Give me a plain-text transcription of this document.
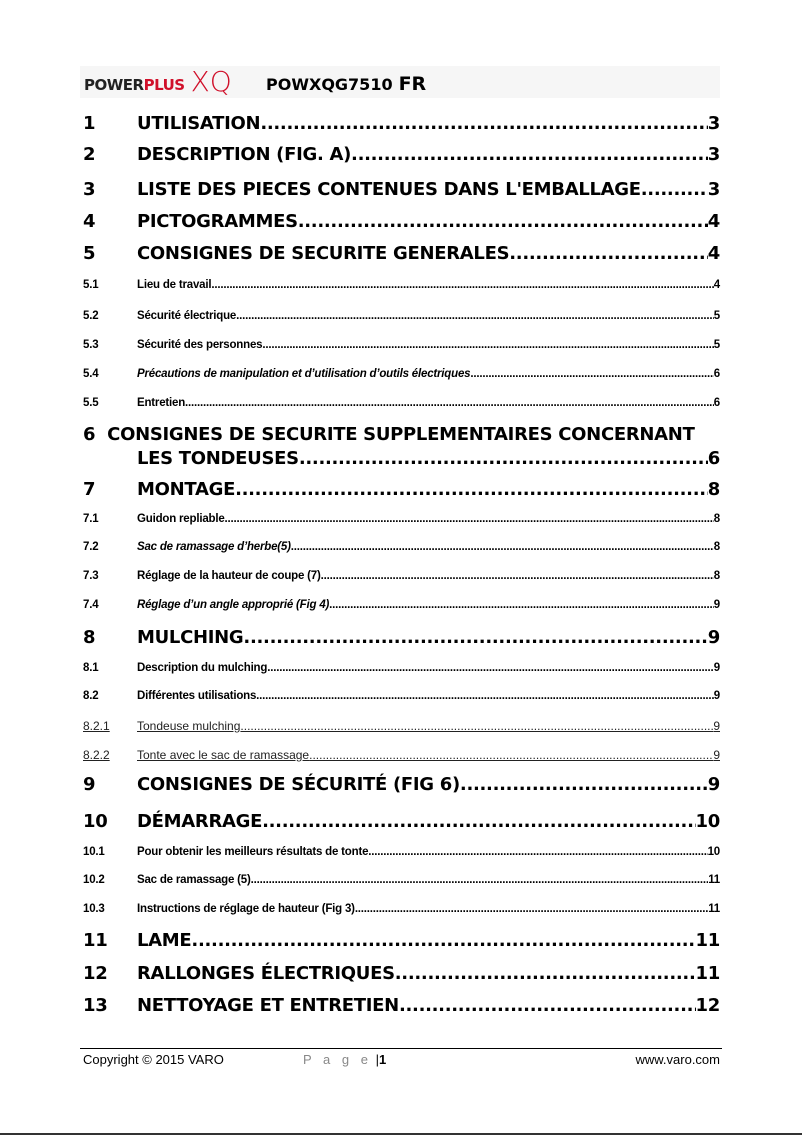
POWERPLUS XQ POWXQG7510 FR
1	UTILISATION .....	3
2	DESCRIPTION (FIG. A) .....	3
3	LISTE DES PIECES CONTENUES DANS L'EMBALLAGE .....	3
4	PICTOGRAMMES .....	4
5	CONSIGNES DE SECURITE GENERALES .....	4
5.1	Lieu de travail .....	4
5.2	Sécurité électrique .....	5
5.3	Sécurité des personnes .....	5
5.4	Précautions de manipulation et d’utilisation d’outils électriques .....	6
5.5	Entretien .....	6
6 CONSIGNES DE SECURITE SUPPLEMENTAIRES CONCERNANT
LES TONDEUSES .....	6
7	MONTAGE .....	8
7.1	Guidon repliable .....	8
7.2	Sac de ramassage d’herbe(5) .....	8
7.3	Réglage de la hauteur de coupe (7) .....	8
7.4	Réglage d’un angle approprié (Fig 4) .....	9
8	MULCHING .....	9
8.1	Description du mulching .....	9
8.2	Différentes utilisations .....	9
8.2.1	Tondeuse mulching .....	9
8.2.2	Tonte avec le sac de ramassage .....	9
9	CONSIGNES DE SÉCURITÉ (FIG 6) .....	9
10	DÉMARRAGE .....	10
10.1	Pour obtenir les meilleurs résultats de tonte .....	10
10.2	Sac de ramassage (5) .....	11
10.3	Instructions de réglage de hauteur (Fig 3) .....	11
11	LAME .....	11
12	RALLONGES ÉLECTRIQUES .....	11
13	NETTOYAGE ET ENTRETIEN .....	12
Copyright © 2015 VARO	P a g e |1	www.varo.com
